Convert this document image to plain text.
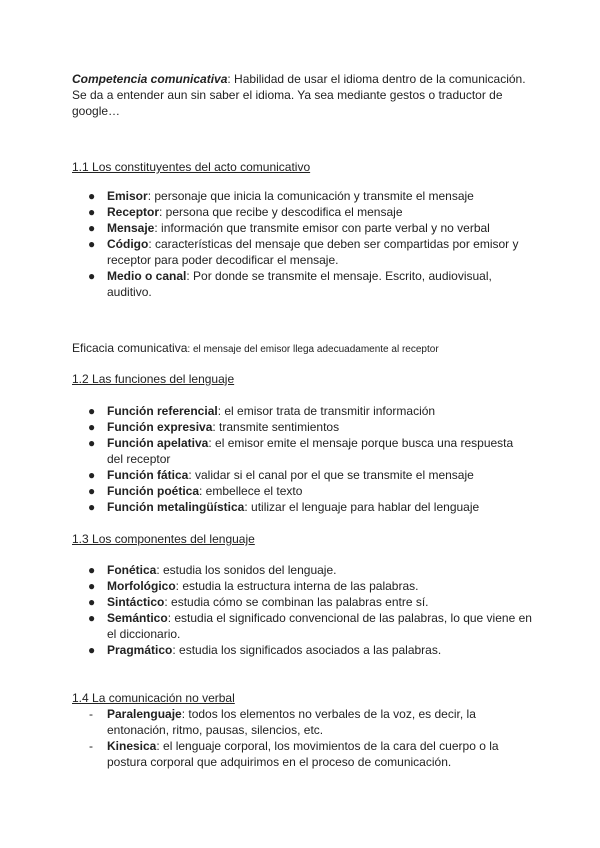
Competencia comunicativa: Habilidad de usar el idioma dentro de la comunicación. Se da a entender aun sin saber el idioma. Ya sea mediante gestos o traductor de google…
1.1 Los constituyentes del acto comunicativo
● Emisor: personaje que inicia la comunicación y transmite el mensaje
● Receptor: persona que recibe y descodifica el mensaje
● Mensaje: información que transmite emisor con parte verbal y no verbal
● Código: características del mensaje que deben ser compartidas por emisor y receptor para poder decodificar el mensaje.
● Medio o canal: Por donde se transmite el mensaje. Escrito, audiovisual, auditivo.
Eficacia comunicativa: el mensaje del emisor llega adecuadamente al receptor
1.2 Las funciones del lenguaje
● Función referencial: el emisor trata de transmitir información
● Función expresiva: transmite sentimientos
● Función apelativa: el emisor emite el mensaje porque busca una respuesta del receptor
● Función fática: validar si el canal por el que se transmite el mensaje
● Función poética: embellece el texto
● Función metalingüística: utilizar el lenguaje para hablar del lenguaje
1.3 Los componentes del lenguaje
● Fonética: estudia los sonidos del lenguaje.
● Morfológico: estudia la estructura interna de las palabras.
● Sintáctico: estudia cómo se combinan las palabras entre sí.
● Semántico: estudia el significado convencional de las palabras, lo que viene en el diccionario.
● Pragmático: estudia los significados asociados a las palabras.
1.4 La comunicación no verbal
- Paralenguaje: todos los elementos no verbales de la voz, es decir, la entonación, ritmo, pausas, silencios, etc.
- Kinesica: el lenguaje corporal, los movimientos de la cara del cuerpo o la postura corporal que adquirimos en el proceso de comunicación.
